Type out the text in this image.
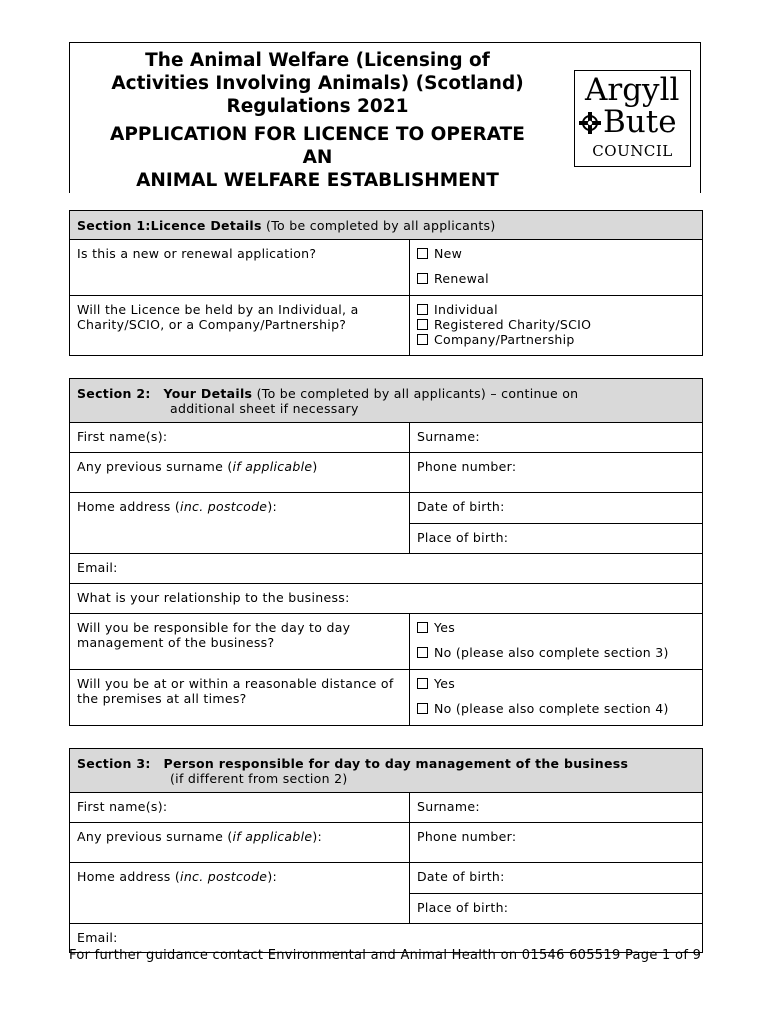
The Animal Welfare (Licensing of
Activities Involving Animals) (Scotland)
Regulations 2021
APPLICATION FOR LICENCE TO OPERATE
AN
ANIMAL WELFARE ESTABLISHMENT
Argyll
Bute
COUNCIL
Section 1:Licence Details (To be completed by all applicants)	
Is this a new or renewal application?	New
Renewal

Will the Licence be held by an Individual, a Charity/SCIO, or a Company/Partnership?	Individual
Registered Charity/SCIO
Company/Partnership
Section 2: Your Details (To be completed by all applicants) – continue on
additional sheet if necessary	

First name(s):	Surname:
Any previous surname (if applicable)	Phone number:
Home address (inc. postcode):	Date of birth:
Place of birth:

Email:	
What is your relationship to the business:	
Will you be responsible for the day to day management of the business?	Yes
No (please also complete section 3)

Will you be at or within a reasonable distance of the premises at all times?	Yes
No (please also complete section 4)
Section 3: Person responsible for day to day management of the business
(if different from section 2)	

First name(s):	Surname:
Any previous surname (if applicable):	Phone number:
Home address (inc. postcode):	Date of birth:
Place of birth:

Email:	
For further guidance contact Environmental and Animal Health on 01546 605519 Page 1 of 9
